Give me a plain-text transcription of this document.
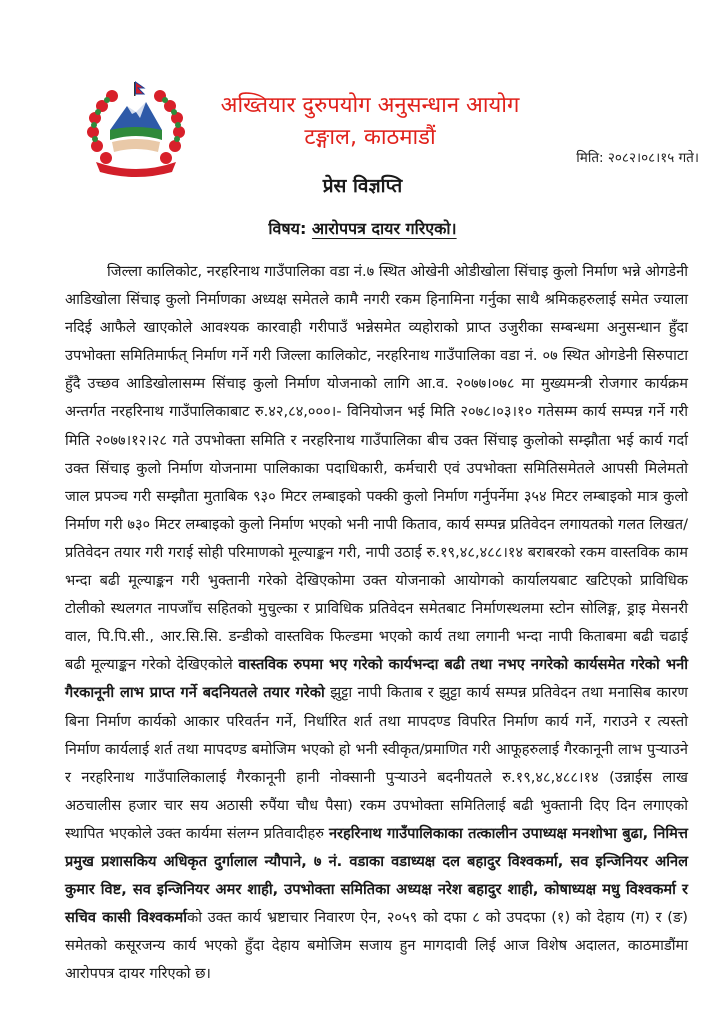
अख्तियार दुरुपयोग अनुसन्धान आयोग
टङ्गाल, काठमाडौं
मिति: २०८२।०८।१५ गते।
प्रेस विज्ञप्ति
विषय: आरोपपत्र दायर गरिएको।
जिल्ला कालिकोट, नरहरिनाथ गाउँपालिका वडा नं.७ स्थित ओखेनी ओडीखोला सिंचाइ कुलो निर्माण भन्ने ओगडेनी आडिखोला सिंचाइ कुलो निर्माणका अध्यक्ष समेतले कामै नगरी रकम हिनामिना गर्नुका साथै श्रमिकहरुलाई समेत ज्याला नदिई आफैले खाएकोले आवश्यक कारवाही गरीपाउँ भन्नेसमेत व्यहोराको प्राप्त उजुरीका सम्बन्धमा अनुसन्धान हुँदा उपभोक्ता समितिमार्फत् निर्माण गर्ने गरी जिल्ला कालिकोट, नरहरिनाथ गाउँपालिका वडा नं. ०७ स्थित ओगडेनी सिरुपाटा हुँदै उच्छव आडिखोलासम्म सिंचाइ कुलो निर्माण योजनाको लागि आ.व. २०७७।०७८ मा मुख्यमन्त्री रोजगार कार्यक्रम अन्तर्गत नरहरिनाथ गाउँपालिकाबाट रु.४२,८४,०००।- विनियोजन भई मिति २०७८।०३।१० गतेसम्म कार्य सम्पन्न गर्ने गरी मिति २०७७।१२।२८ गते उपभोक्ता समिति र नरहरिनाथ गाउँपालिका बीच उक्त सिंचाइ कुलोको सम्झौता भई कार्य गर्दा उक्त सिंचाइ कुलो निर्माण योजनामा पालिकाका पदाधिकारी, कर्मचारी एवं उपभोक्ता समितिसमेतले आपसी मिलेमतो जाल प्रपञ्च गरी सम्झौता मुताबिक ९३० मिटर लम्बाइको पक्की कुलो निर्माण गर्नुपर्नेमा ३५४ मिटर लम्बाइको मात्र कुलो निर्माण गरी ७३० मिटर लम्बाइको कुलो निर्माण भएको भनी नापी किताव, कार्य सम्पन्न प्रतिवेदन लगायतको गलत लिखत/प्रतिवेदन तयार गरी गराई सोही परिमाणको मूल्याङ्कन गरी, नापी उठाई रु.१९,४८,४८८।१४ बराबरको रकम वास्तविक काम भन्दा बढी मूल्याङ्कन गरी भुक्तानी गरेको देखिएकोमा उक्त योजनाको आयोगको कार्यालयबाट खटिएको प्राविधिक टोलीको स्थलगत नापजाँच सहितको मुचुल्का र प्राविधिक प्रतिवेदन समेतबाट निर्माणस्थलमा स्टोन सोलिङ्ग, ड्राइ मेसनरी वाल, पि.पि.सी., आर.सि.सि. डन्डीको वास्तविक फिल्डमा भएको कार्य तथा लगानी भन्दा नापी किताबमा बढी चढाई बढी मूल्याङ्कन गरेको देखिएकोले वास्तविक रुपमा भए गरेको कार्यभन्दा बढी तथा नभए नगरेको कार्यसमेत गरेको भनी गैरकानूनी लाभ प्राप्त गर्ने बदनियतले तयार गरेको झुट्टा नापी किताब र झुट्टा कार्य सम्पन्न प्रतिवेदन तथा मनासिब कारण बिना निर्माण कार्यको आकार परिवर्तन गर्ने, निर्धारित शर्त तथा मापदण्ड विपरित निर्माण कार्य गर्ने, गराउने र त्यस्तो निर्माण कार्यलाई शर्त तथा मापदण्ड बमोजिम भएको हो भनी स्वीकृत/प्रमाणित गरी आफूहरुलाई गैरकानूनी लाभ पुऱ्याउने र नरहरिनाथ गाउँपालिकालाई गैरकानूनी हानी नोक्सानी पुऱ्याउने बदनीयतले रु.१९,४८,४८८।१४ (उन्नाईस लाख अठचालीस हजार चार सय अठासी रुपैंया चौध पैसा) रकम उपभोक्ता समितिलाई बढी भुक्तानी दिए दिन लगाएको स्थापित भएकोले उक्त कार्यमा संलग्न प्रतिवादीहरु नरहरिनाथ गाउँपालिकाका तत्कालीन उपाध्यक्ष मनशोभा बुढा, निमित्त प्रमुख प्रशासकिय अधिकृत दुर्गालाल न्यौपाने, ७ नं. वडाका वडाध्यक्ष दल बहादुर विश्वकर्मा, सव इन्जिनियर अनिल कुमार विष्ट, सव इन्जिनियर अमर शाही, उपभोक्ता समितिका अध्यक्ष नरेश बहादुर शाही, कोषाध्यक्ष मधु विश्वकर्मा र सचिव कासी विश्वकर्माको उक्त कार्य भ्रष्टाचार निवारण ऐन, २०५९ को दफा ८ को उपदफा (१) को देहाय (ग) र (ङ) समेतको कसूरजन्य कार्य भएको हुँदा देहाय बमोजिम सजाय हुन मागदावी लिई आज विशेष अदालत, काठमाडौंमा आरोपपत्र दायर गरिएको छ।
